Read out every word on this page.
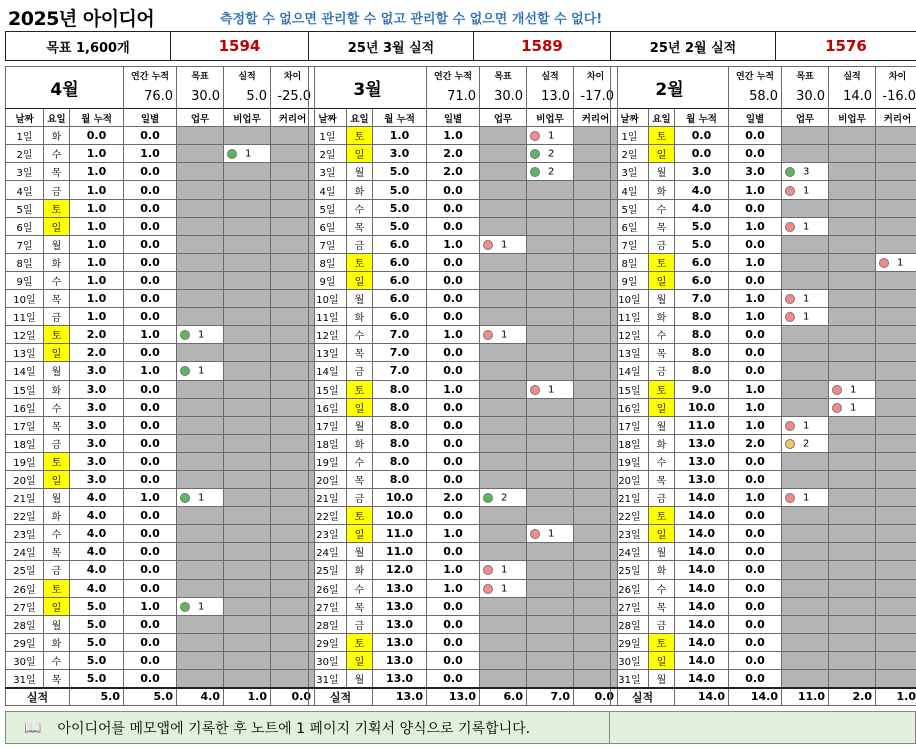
2025년 아이디어	측정할 수 없으면 관리할 수 없고 관리할 수 없으면 개선할 수 없다!
목표 1,600개	1594	25년 3월 실적	1589	25년 2월 실적	1576
4월			연간 누적	목표	실적	차이
			76.0	30.0	5.0	-25.0
날짜	요일	월 누적	일별	업무	비업무	커리어
1일	화	0.0	0.0			
2일	수	1.0	1.0		1	
3일	목	1.0	0.0			
4일	금	1.0	0.0			
5일	토	1.0	0.0			
6일	일	1.0	0.0			
7일	월	1.0	0.0			
8일	화	1.0	0.0			
9일	수	1.0	0.0			
10일	목	1.0	0.0			
11일	금	1.0	0.0			
12일	토	2.0	1.0	1		
13일	일	2.0	0.0			
14일	월	3.0	1.0	1		
15일	화	3.0	0.0			
16일	수	3.0	0.0			
17일	목	3.0	0.0			
18일	금	3.0	0.0			
19일	토	3.0	0.0			
20일	일	3.0	0.0			
21일	월	4.0	1.0	1		
22일	화	4.0	0.0			
23일	수	4.0	0.0			
24일	목	4.0	0.0			
25일	금	4.0	0.0			
26일	토	4.0	0.0			
27일	일	5.0	1.0	1		
28일	월	5.0	0.0			
29일	화	5.0	0.0			
30일	수	5.0	0.0			
31일	목	5.0	0.0			
실적		5.0	5.0	4.0	1.0	0.0
3월			연간 누적	목표	실적	차이
			71.0	30.0	13.0	-17.0
날짜	요일	월 누적	일별	업무	비업무	커리어
1일	토	1.0	1.0		1	
2일	일	3.0	2.0		2	
3일	월	5.0	2.0		2	
4일	화	5.0	0.0			
5일	수	5.0	0.0			
6일	목	5.0	0.0			
7일	금	6.0	1.0	1		
8일	토	6.0	0.0			
9일	일	6.0	0.0			
10일	월	6.0	0.0			
11일	화	6.0	0.0			
12일	수	7.0	1.0	1		
13일	목	7.0	0.0			
14일	금	7.0	0.0			
15일	토	8.0	1.0		1	
16일	일	8.0	0.0			
17일	월	8.0	0.0			
18일	화	8.0	0.0			
19일	수	8.0	0.0			
20일	목	8.0	0.0			
21일	금	10.0	2.0	2		
22일	토	10.0	0.0			
23일	일	11.0	1.0		1	
24일	월	11.0	0.0			
25일	화	12.0	1.0	1		
26일	수	13.0	1.0	1		
27일	목	13.0	0.0			
28일	금	13.0	0.0			
29일	토	13.0	0.0			
30일	일	13.0	0.0			
31일	월	13.0	0.0			
실적		13.0	13.0	6.0	7.0	0.0
2월			연간 누적	목표	실적	차이
			58.0	30.0	14.0	-16.0
날짜	요일	월 누적	일별	업무	비업무	커리어
1일	토	0.0	0.0			
2일	일	0.0	0.0			
3일	월	3.0	3.0	3		
4일	화	4.0	1.0	1		
5일	수	4.0	0.0			
6일	목	5.0	1.0	1		
7일	금	5.0	0.0			
8일	토	6.0	1.0			1
9일	일	6.0	0.0			
10일	월	7.0	1.0	1		
11일	화	8.0	1.0	1		
12일	수	8.0	0.0			
13일	목	8.0	0.0			
14일	금	8.0	0.0			
15일	토	9.0	1.0		1	
16일	일	10.0	1.0		1	
17일	월	11.0	1.0	1		
18일	화	13.0	2.0	2		
19일	수	13.0	0.0			
20일	목	13.0	0.0			
21일	금	14.0	1.0	1		
22일	토	14.0	0.0			
23일	일	14.0	0.0			
24일	월	14.0	0.0			
25일	화	14.0	0.0			
26일	수	14.0	0.0			
27일	목	14.0	0.0			
28일	금	14.0	0.0			
29일	토	14.0	0.0			
30일	일	14.0	0.0			
31일	월	14.0	0.0			
실적		14.0	14.0	11.0	2.0	1.0
📖 아이디어를 메모앱에 기록한 후 노트에 1 페이지 기획서 양식으로 기록합니다.
